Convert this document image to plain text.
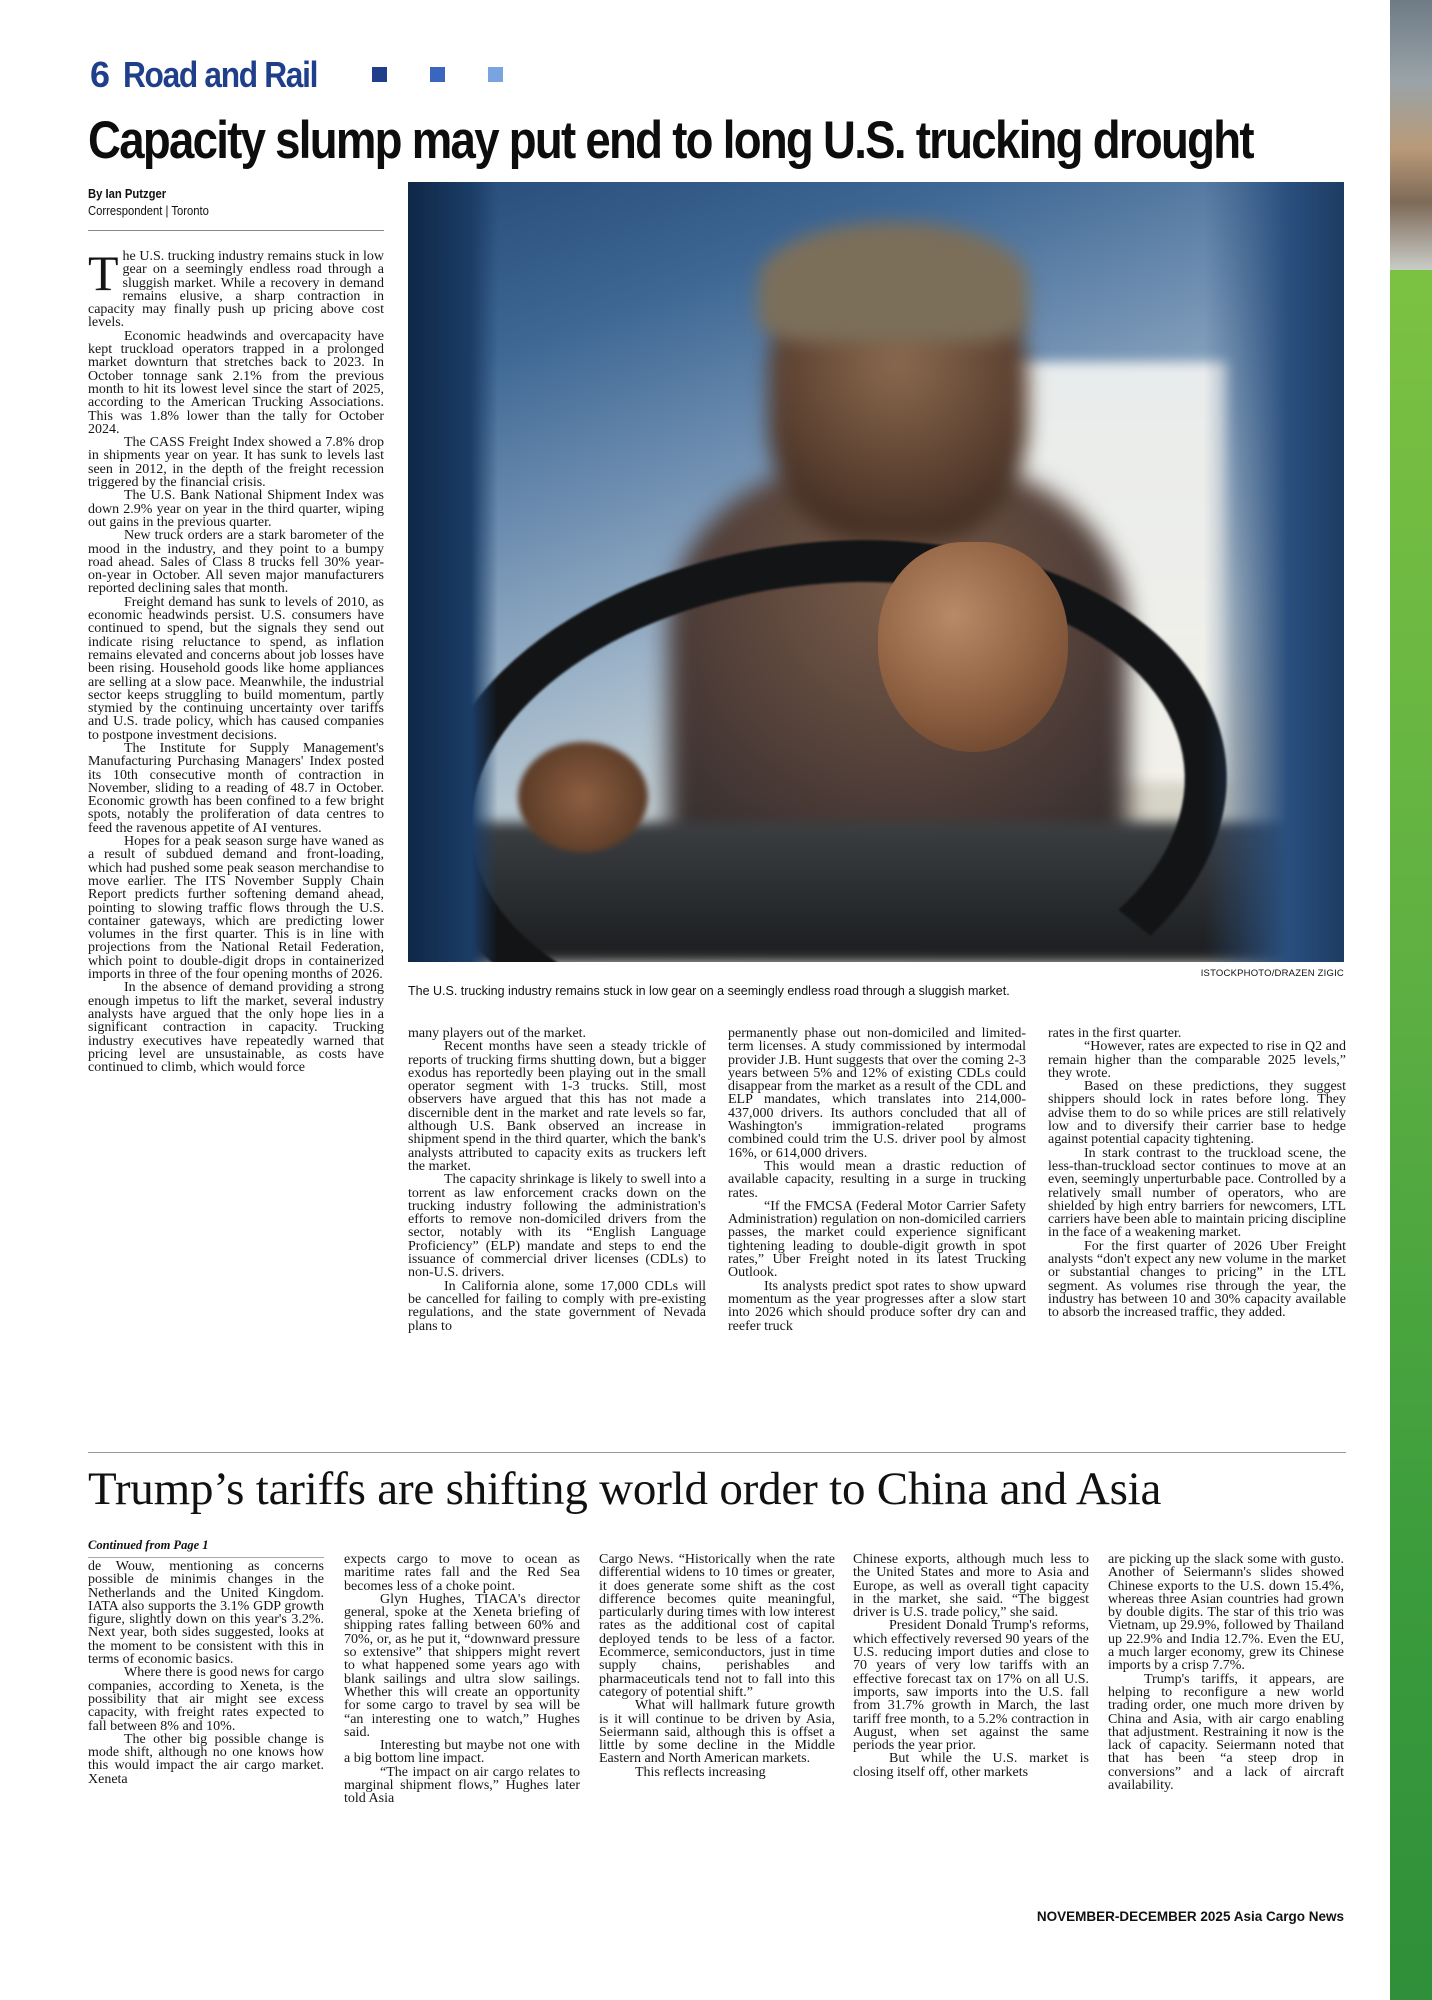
6 Road and Rail
Capacity slump may put end to long U.S. trucking drought
By Ian Putzger
Correspondent | Toronto
ISTOCKPHOTO/DRAZEN ZIGIC
The U.S. trucking industry remains stuck in low gear on a seemingly endless road through a sluggish market.

The U.S. trucking industry remains stuck in low gear on a seemingly endless road through a sluggish market. While a recovery in demand remains elusive, a sharp contraction in capacity may finally push up pricing above cost levels.

Economic headwinds and overcapacity have kept truckload operators trapped in a prolonged market downturn that stretches back to 2023. In October tonnage sank 2.1% from the previous month to hit its lowest level since the start of 2025, according to the American Trucking Associations. This was 1.8% lower than the tally for October 2024.

The CASS Freight Index showed a 7.8% drop in shipments year on year. It has sunk to levels last seen in 2012, in the depth of the freight recession triggered by the financial crisis.

The U.S. Bank National Shipment Index was down 2.9% year on year in the third quarter, wiping out gains in the previous quarter.

New truck orders are a stark barometer of the mood in the industry, and they point to a bumpy road ahead. Sales of Class 8 trucks fell 30% year-on-year in October. All seven major manufacturers reported declining sales that month.

Freight demand has sunk to levels of 2010, as economic headwinds persist. U.S. consumers have continued to spend, but the signals they send out indicate rising reluctance to spend, as inflation remains elevated and concerns about job losses have been rising. Household goods like home appliances are selling at a slow pace. Meanwhile, the industrial sector keeps struggling to build momentum, partly stymied by the continuing uncertainty over tariffs and U.S. trade policy, which has caused companies to postpone investment decisions.

The Institute for Supply Management's Manufacturing Purchasing Managers' Index posted its 10th consecutive month of contraction in November, sliding to a reading of 48.7 in October. Economic growth has been confined to a few bright spots, notably the proliferation of data centres to feed the ravenous appetite of AI ventures.

Hopes for a peak season surge have waned as a result of subdued demand and front-loading, which had pushed some peak season merchandise to move earlier. The ITS November Supply Chain Report predicts further softening demand ahead, pointing to slowing traffic flows through the U.S. container gateways, which are predicting lower volumes in the first quarter. This is in line with projections from the National Retail Federation, which point to double-digit drops in containerized imports in three of the four opening months of 2026.

In the absence of demand providing a strong enough impetus to lift the market, several industry analysts have argued that the only hope lies in a significant contraction in capacity. Trucking industry executives have repeatedly warned that pricing level are unsustainable, as costs have continued to climb, which would force

many players out of the market.

Recent months have seen a steady trickle of reports of trucking firms shutting down, but a bigger exodus has reportedly been playing out in the small operator segment with 1-3 trucks. Still, most observers have argued that this has not made a discernible dent in the market and rate levels so far, although U.S. Bank observed an increase in shipment spend in the third quarter, which the bank's analysts attributed to capacity exits as truckers left the market.

The capacity shrinkage is likely to swell into a torrent as law enforcement cracks down on the trucking industry following the administration's efforts to remove non-domiciled drivers from the sector, notably with its “English Language Proficiency” (ELP) mandate and steps to end the issuance of commercial driver licenses (CDLs) to non-U.S. drivers.

In California alone, some 17,000 CDLs will be cancelled for failing to comply with pre-existing regulations, and the state government of Nevada plans to

permanently phase out non-domiciled and limited-term licenses. A study commissioned by intermodal provider J.B. Hunt suggests that over the coming 2-3 years between 5% and 12% of existing CDLs could disappear from the market as a result of the CDL and ELP mandates, which translates into 214,000-437,000 drivers. Its authors concluded that all of Washington's immigration-related programs combined could trim the U.S. driver pool by almost 16%, or 614,000 drivers.

This would mean a drastic reduction of available capacity, resulting in a surge in trucking rates.

“If the FMCSA (Federal Motor Carrier Safety Administration) regulation on non-domiciled carriers passes, the market could experience significant tightening leading to double-digit growth in spot rates,” Uber Freight noted in its latest Trucking Outlook.

Its analysts predict spot rates to show upward momentum as the year progresses after a slow start into 2026 which should produce softer dry can and reefer truck

rates in the first quarter.

“However, rates are expected to rise in Q2 and remain higher than the comparable 2025 levels,” they wrote.

Based on these predictions, they suggest shippers should lock in rates before long. They advise them to do so while prices are still relatively low and to diversify their carrier base to hedge against potential capacity tightening.

In stark contrast to the truckload scene, the less-than-truckload sector continues to move at an even, seemingly unperturbable pace. Controlled by a relatively small number of operators, who are shielded by high entry barriers for newcomers, LTL carriers have been able to maintain pricing discipline in the face of a weakening market.

For the first quarter of 2026 Uber Freight analysts “don't expect any new volume in the market or substantial changes to pricing” in the LTL segment. As volumes rise through the year, the industry has between 10 and 30% capacity available to absorb the increased traffic, they added.

Trump’s tariffs are shifting world order to China and Asia
Continued from Page 1

de Wouw, mentioning as concerns possible de minimis changes in the Netherlands and the United Kingdom. IATA also supports the 3.1% GDP growth figure, slightly down on this year's 3.2%. Next year, both sides suggested, looks at the moment to be consistent with this in terms of economic basics.

Where there is good news for cargo companies, according to Xeneta, is the possibility that air might see excess capacity, with freight rates expected to fall between 8% and 10%.

The other big possible change is mode shift, although no one knows how this would impact the air cargo market. Xeneta

expects cargo to move to ocean as maritime rates fall and the Red Sea becomes less of a choke point.

Glyn Hughes, TIACA's director general, spoke at the Xeneta briefing of shipping rates falling between 60% and 70%, or, as he put it, “downward pressure so extensive” that shippers might revert to what happened some years ago with blank sailings and ultra slow sailings. Whether this will create an opportunity for some cargo to travel by sea will be “an interesting one to watch,” Hughes said.

Interesting but maybe not one with a big bottom line impact.

“The impact on air cargo relates to marginal shipment flows,” Hughes later told Asia

Cargo News. “Historically when the rate differential widens to 10 times or greater, it does generate some shift as the cost difference becomes quite meaningful, particularly during times with low interest rates as the additional cost of capital deployed tends to be less of a factor. Ecommerce, semiconductors, just in time supply chains, perishables and pharmaceuticals tend not to fall into this category of potential shift.”

What will hallmark future growth is it will continue to be driven by Asia, Seiermann said, although this is offset a little by some decline in the Middle Eastern and North American markets.

This reflects increasing

Chinese exports, although much less to the United States and more to Asia and Europe, as well as overall tight capacity in the market, she said. “The biggest driver is U.S. trade policy,” she said.

President Donald Trump's reforms, which effectively reversed 90 years of the U.S. reducing import duties and close to 70 years of very low tariffs with an effective forecast tax on 17% on all U.S. imports, saw imports into the U.S. fall from 31.7% growth in March, the last tariff free month, to a 5.2% contraction in August, when set against the same periods the year prior.

But while the U.S. market is closing itself off, other markets

are picking up the slack some with gusto. Another of Seiermann's slides showed Chinese exports to the U.S. down 15.4%, whereas three Asian countries had grown by double digits. The star of this trio was Vietnam, up 29.9%, followed by Thailand up 22.9% and India 12.7%. Even the EU, a much larger economy, grew its Chinese imports by a crisp 7.7%.

Trump's tariffs, it appears, are helping to reconfigure a new world trading order, one much more driven by China and Asia, with air cargo enabling that adjustment. Restraining it now is the lack of capacity. Seiermann noted that that has been “a steep drop in conversions” and a lack of aircraft availability.

NOVEMBER-DECEMBER 2025 Asia Cargo News
